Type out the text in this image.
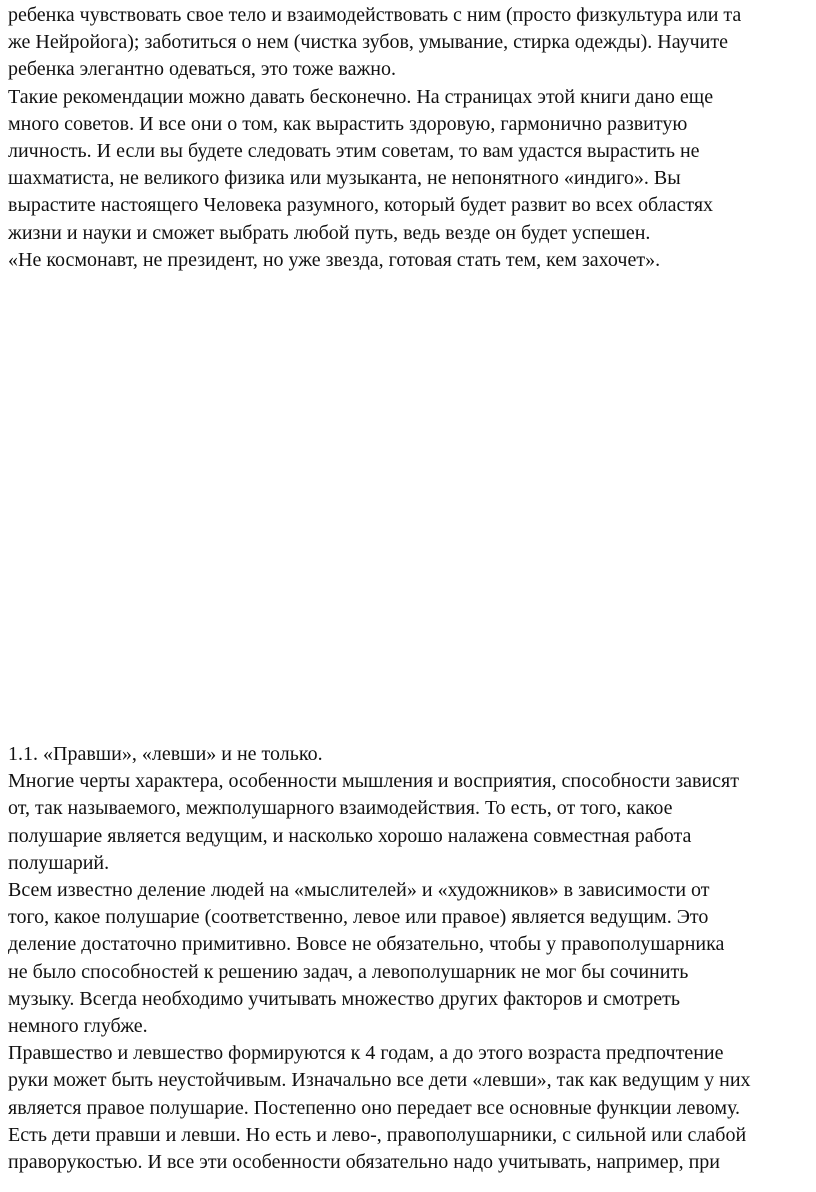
ребенка чувствовать свое тело и взаимодействовать с ним (просто физкультура или та
же Нейройога); заботиться о нем (чистка зубов, умывание, стирка одежды). Научите
ребенка элегантно одеваться, это тоже важно.
Такие рекомендации можно давать бесконечно. На страницах этой книги дано еще
много советов. И все они о том, как вырастить здоровую, гармонично развитую
личность. И если вы будете следовать этим советам, то вам удастся вырастить не
шахматиста, не великого физика или музыканта, не непонятного «индиго». Вы
вырастите настоящего Человека разумного, который будет развит во всех областях
жизни и науки и сможет выбрать любой путь, ведь везде он будет успешен.
«Не космонавт, не президент, но уже звезда, готовая стать тем, кем захочет».
1.1. «Правши», «левши» и не только.
Многие черты характера, особенности мышления и восприятия, способности зависят
от, так называемого, межполушарного взаимодействия. То есть, от того, какое
полушарие является ведущим, и насколько хорошо налажена совместная работа
полушарий.
Всем известно деление людей на «мыслителей» и «художников» в зависимости от
того, какое полушарие (соответственно, левое или правое) является ведущим. Это
деление достаточно примитивно. Вовсе не обязательно, чтобы у правополушарника
не было способностей к решению задач, а левополушарник не мог бы сочинить
музыку. Всегда необходимо учитывать множество других факторов и смотреть
немного глубже.
Правшество и левшество формируются к 4 годам, а до этого возраста предпочтение
руки может быть неустойчивым. Изначально все дети «левши», так как ведущим у них
является правое полушарие. Постепенно оно передает все основные функции левому.
Есть дети правши и левши. Но есть и лево-, правополушарники, с сильной или слабой
праворукостью. И все эти особенности обязательно надо учитывать, например, при
